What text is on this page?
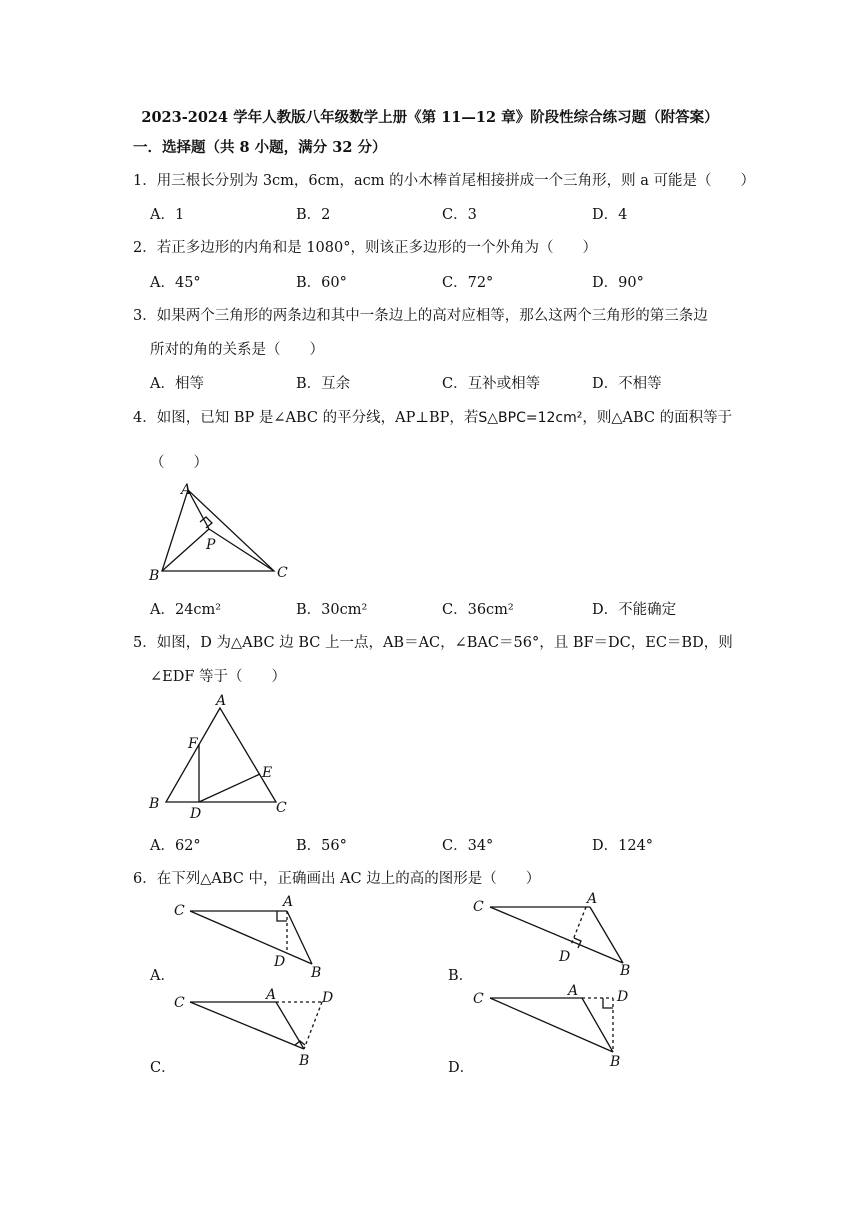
2023-2024 学年人教版八年级数学上册《第 11—12 章》阶段性综合练习题（附答案）
一．选择题（共 8 小题，满分 32 分）
1．用三根长分别为 3cm，6cm，acm 的小木棒首尾相接拼成一个三角形，则 a 可能是（　　）
A．1	B．2	C．3	D．4
2．若正多边形的内角和是 1080°，则该正多边形的一个外角为（　　）
A．45°	B．60°	C．72°	D．90°
3．如果两个三角形的两条边和其中一条边上的高对应相等，那么这两个三角形的第三条边
所对的角的关系是（　　）
A．相等	B．互余	C．互补或相等	D．不相等
4．如图，已知 BP 是∠ABC 的平分线，AP⊥BP，若S△BPC=12cm²，则△ABC 的面积等于
（　　）
A
P
B	C
A．24cm²	B．30cm²	C．36cm²	D．不能确定
5．如图，D 为△ABC 边 BC 上一点，AB＝AC，∠BAC＝56°，且 BF＝DC，EC＝BD，则
∠EDF 等于（　　）
A
F
E
B
D	C
A．62°	B．56°	C．34°	D．124°
6．在下列△ABC 中，正确画出 AC 边上的高的图形是（　　）
C
A
D
B
A．
C	A
D
B
B．
C	A	D
B
C．
C	A	D
B
D．
